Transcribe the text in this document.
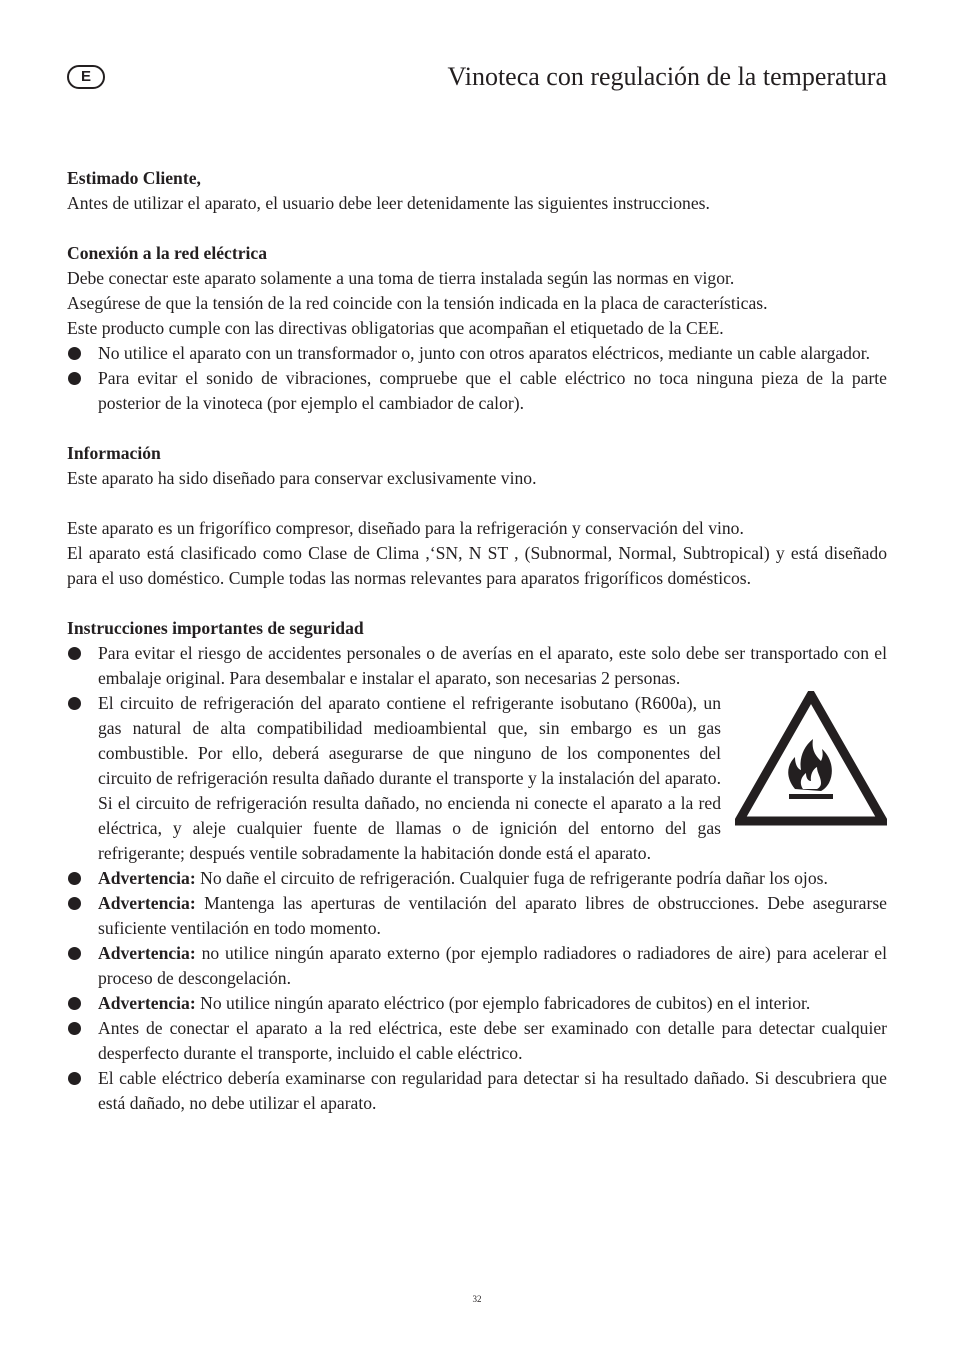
E	Vinoteca con regulación de la temperatura

Estimado Cliente,

Antes de utilizar el aparato, el usuario debe leer detenidamente las siguientes instrucciones.

Conexión a la red eléctrica

Debe conectar este aparato solamente a una toma de tierra instalada según las normas en vigor.

Asegúrese de que la tensión de la red coincide con la tensión indicada en la placa de características.

Este producto cumple con las directivas obligatorias que acompañan el etiquetado de la CEE.

No utilice el aparato con un transformador o, junto con otros aparatos eléctricos, mediante un cable alargador.
Para evitar el sonido de vibraciones, compruebe que el cable eléctrico no toca ninguna pieza de la parte posterior de la vinoteca (por ejemplo el cambiador de calor).

Información

Este aparato ha sido diseñado para conservar exclusivamente vino.

Este aparato es un frigorífico compresor, diseñado para la refrigeración y conservación del vino.

El aparato está clasificado como Clase de Clima ,‘SN, N ST , (Subnormal, Normal, Subtropical) y está diseñado para el uso doméstico. Cumple todas las normas relevantes para aparatos frigoríficos domésticos.

Instrucciones importantes de seguridad

Para evitar el riesgo de accidentes personales o de averías en el aparato, este solo debe ser transportado con el embalaje original. Para desembalar e instalar el aparato, son necesarias 2 personas.
El circuito de refrigeración del aparato contiene el refrigerante isobutano (R600a), un gas natural de alta compatibilidad medioambiental que, sin embargo es un gas combustible. Por ello, deberá asegurarse de que ninguno de los componentes del circuito de refrigeración resulta dañado durante el transporte y la instalación del aparato. Si el circuito de refrigeración resulta dañado, no encienda ni conecte el aparato a la red eléctrica, y aleje cualquier fuente de llamas o de ignición del entorno del gas refrigerante; después ventile sobradamente la habitación donde está el aparato.
Advertencia: No dañe el circuito de refrigeración. Cualquier fuga de refrigerante podría dañar los ojos.
Advertencia: Mantenga las aperturas de ventilación del aparato libres de obstrucciones. Debe asegurarse suficiente ventilación en todo momento.
Advertencia: no utilice ningún aparato externo (por ejemplo radiadores o radiadores de aire) para acelerar el proceso de descongelación.
Advertencia: No utilice ningún aparato eléctrico (por ejemplo fabricadores de cubitos) en el interior.
Antes de conectar el aparato a la red eléctrica, este debe ser examinado con detalle para detectar cualquier desperfecto durante el transporte, incluido el cable eléctrico.
El cable eléctrico debería examinarse con regularidad para detectar si ha resultado dañado. Si descubriera que está dañado, no debe utilizar el aparato.
32
